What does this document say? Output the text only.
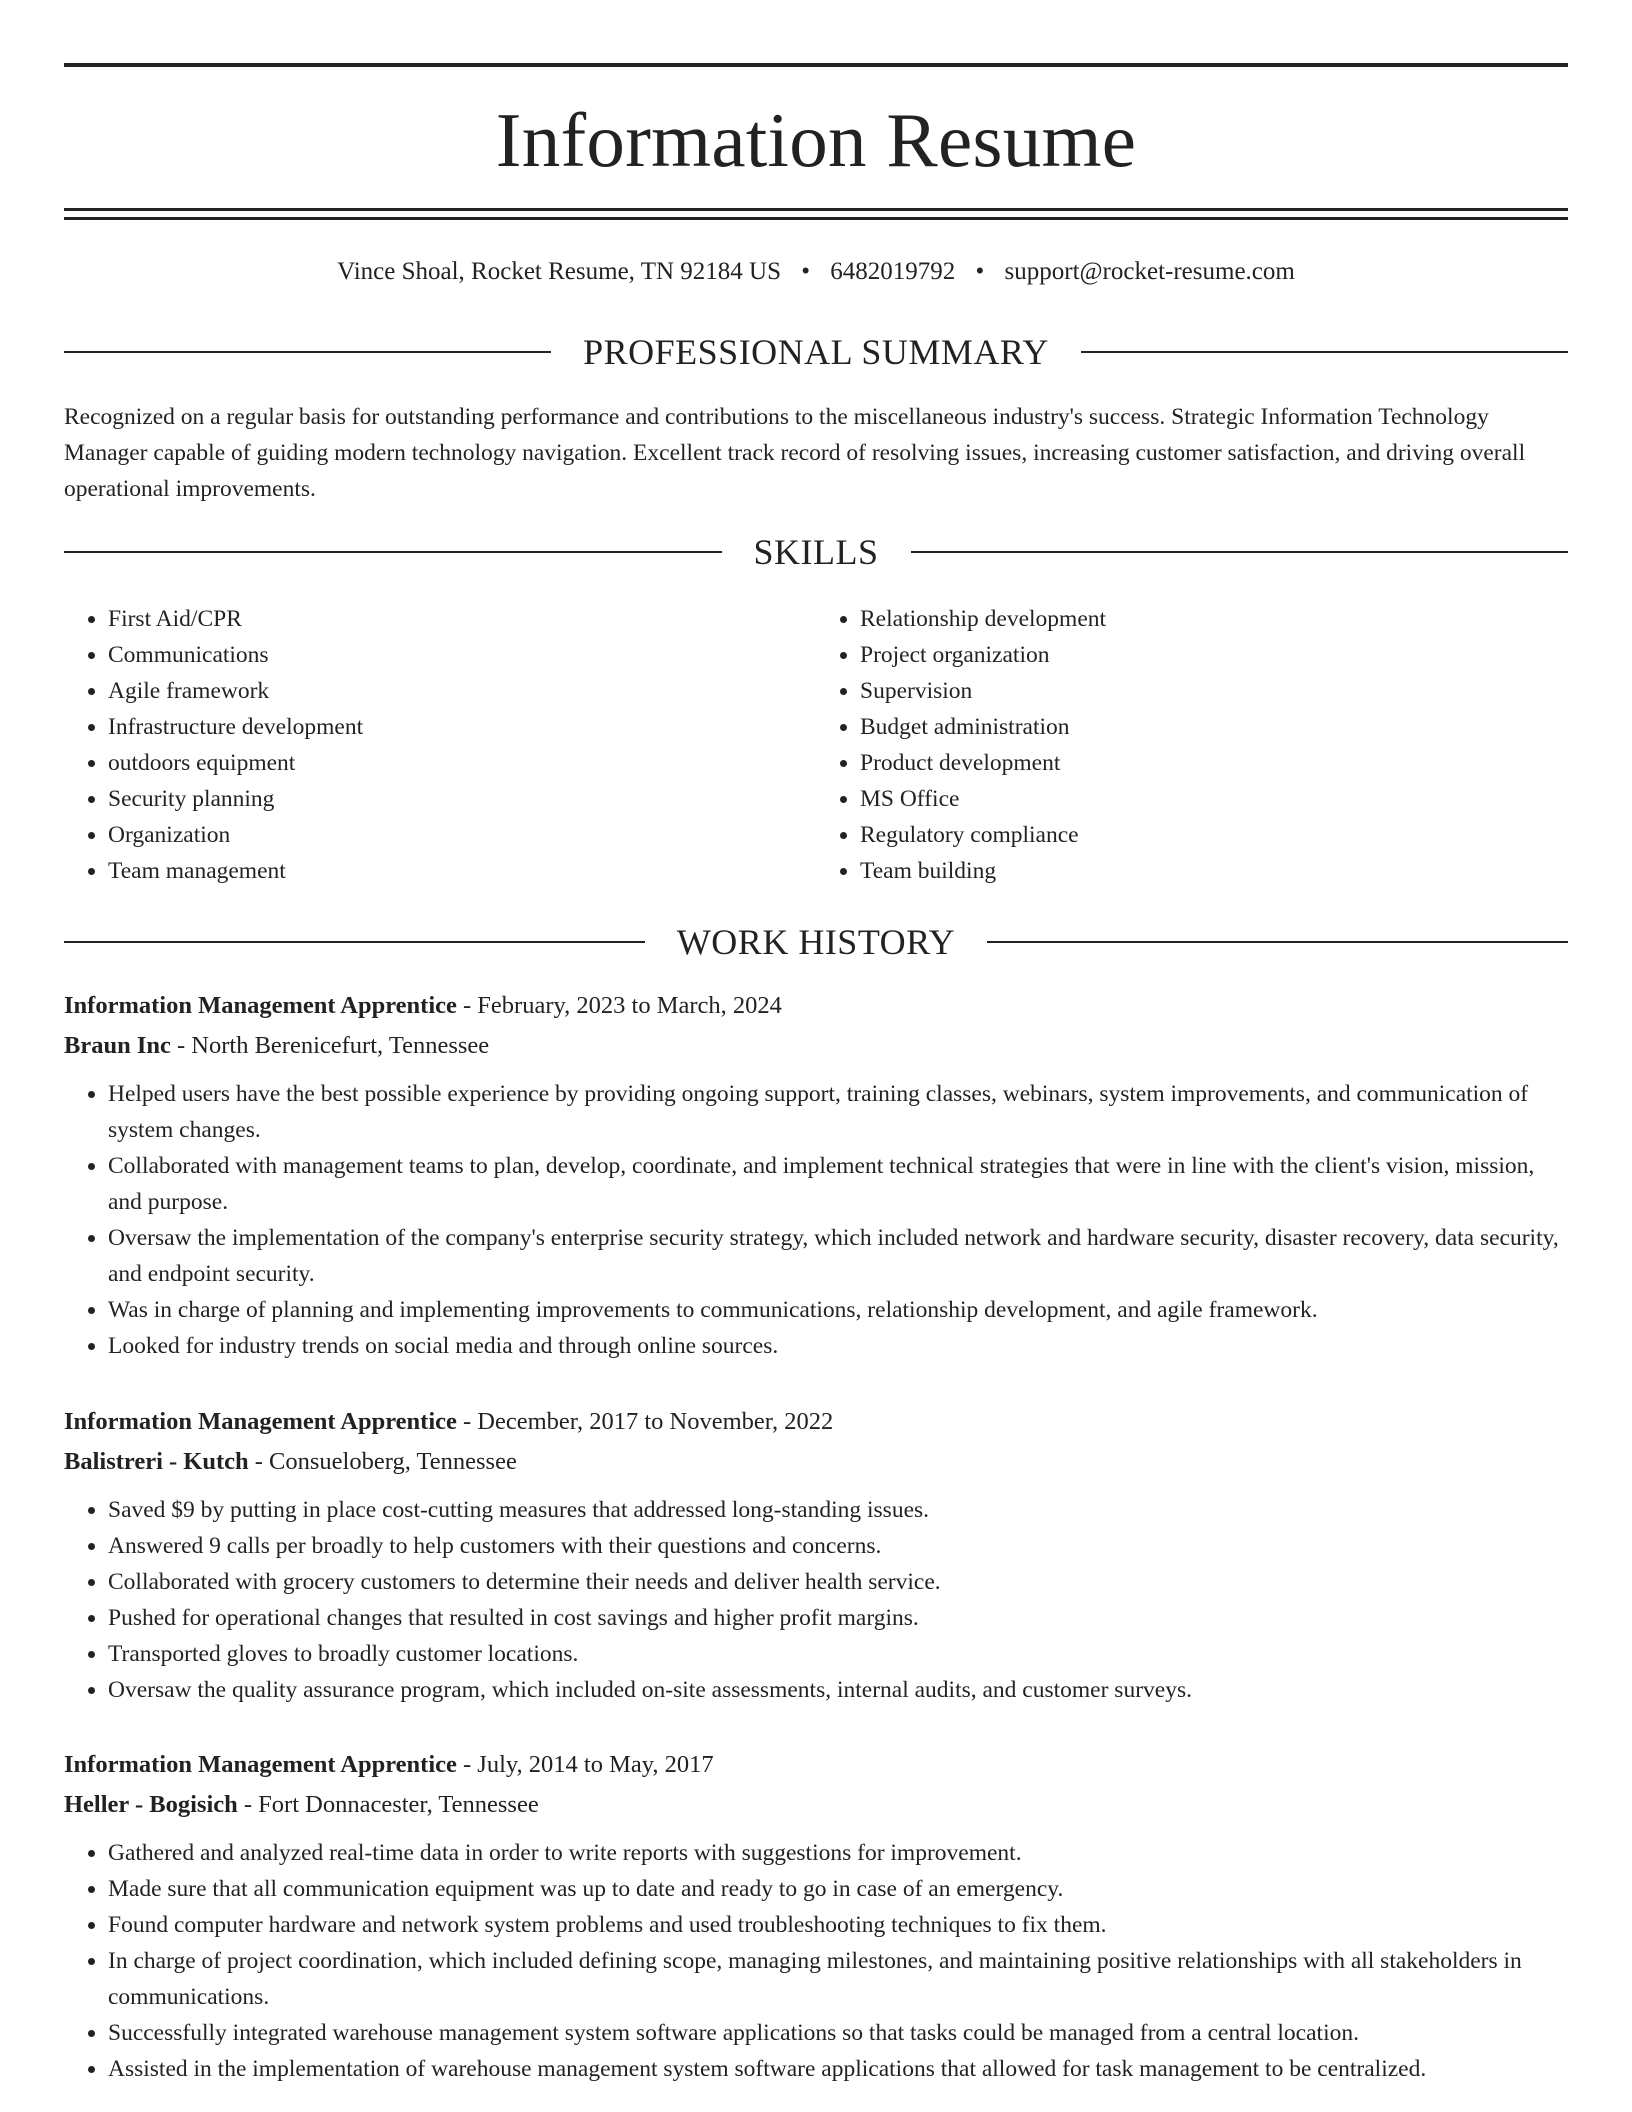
Information Resume
Vince Shoal, Rocket Resume, TN 92184 US • 6482019792 • support@rocket-resume.com
PROFESSIONAL SUMMARY
Recognized on a regular basis for outstanding performance and contributions to the miscellaneous industry's success. Strategic Information Technology Manager capable of guiding modern technology navigation. Excellent track record of resolving issues, increasing customer satisfaction, and driving overall operational improvements.
SKILLS
• First Aid/CPR
• Communications
• Agile framework
• Infrastructure development
• outdoors equipment
• Security planning
• Organization
• Team management
• Relationship development
• Project organization
• Supervision
• Budget administration
• Product development
• MS Office
• Regulatory compliance
• Team building
WORK HISTORY
Information Management Apprentice - February, 2023 to March, 2024
Braun Inc - North Berenicefurt, Tennessee
• Helped users have the best possible experience by providing ongoing support, training classes, webinars, system improvements, and communication of system changes.
• Collaborated with management teams to plan, develop, coordinate, and implement technical strategies that were in line with the client's vision, mission, and purpose.
• Oversaw the implementation of the company's enterprise security strategy, which included network and hardware security, disaster recovery, data security, and endpoint security.
• Was in charge of planning and implementing improvements to communications, relationship development, and agile framework.
• Looked for industry trends on social media and through online sources.
Information Management Apprentice - December, 2017 to November, 2022
Balistreri - Kutch - Consueloberg, Tennessee
• Saved $9 by putting in place cost-cutting measures that addressed long-standing issues.
• Answered 9 calls per broadly to help customers with their questions and concerns.
• Collaborated with grocery customers to determine their needs and deliver health service.
• Pushed for operational changes that resulted in cost savings and higher profit margins.
• Transported gloves to broadly customer locations.
• Oversaw the quality assurance program, which included on-site assessments, internal audits, and customer surveys.
Information Management Apprentice - July, 2014 to May, 2017
Heller - Bogisich - Fort Donnacester, Tennessee
• Gathered and analyzed real-time data in order to write reports with suggestions for improvement.
• Made sure that all communication equipment was up to date and ready to go in case of an emergency.
• Found computer hardware and network system problems and used troubleshooting techniques to fix them.
• In charge of project coordination, which included defining scope, managing milestones, and maintaining positive relationships with all stakeholders in communications.
• Successfully integrated warehouse management system software applications so that tasks could be managed from a central location.
• Assisted in the implementation of warehouse management system software applications that allowed for task management to be centralized.
